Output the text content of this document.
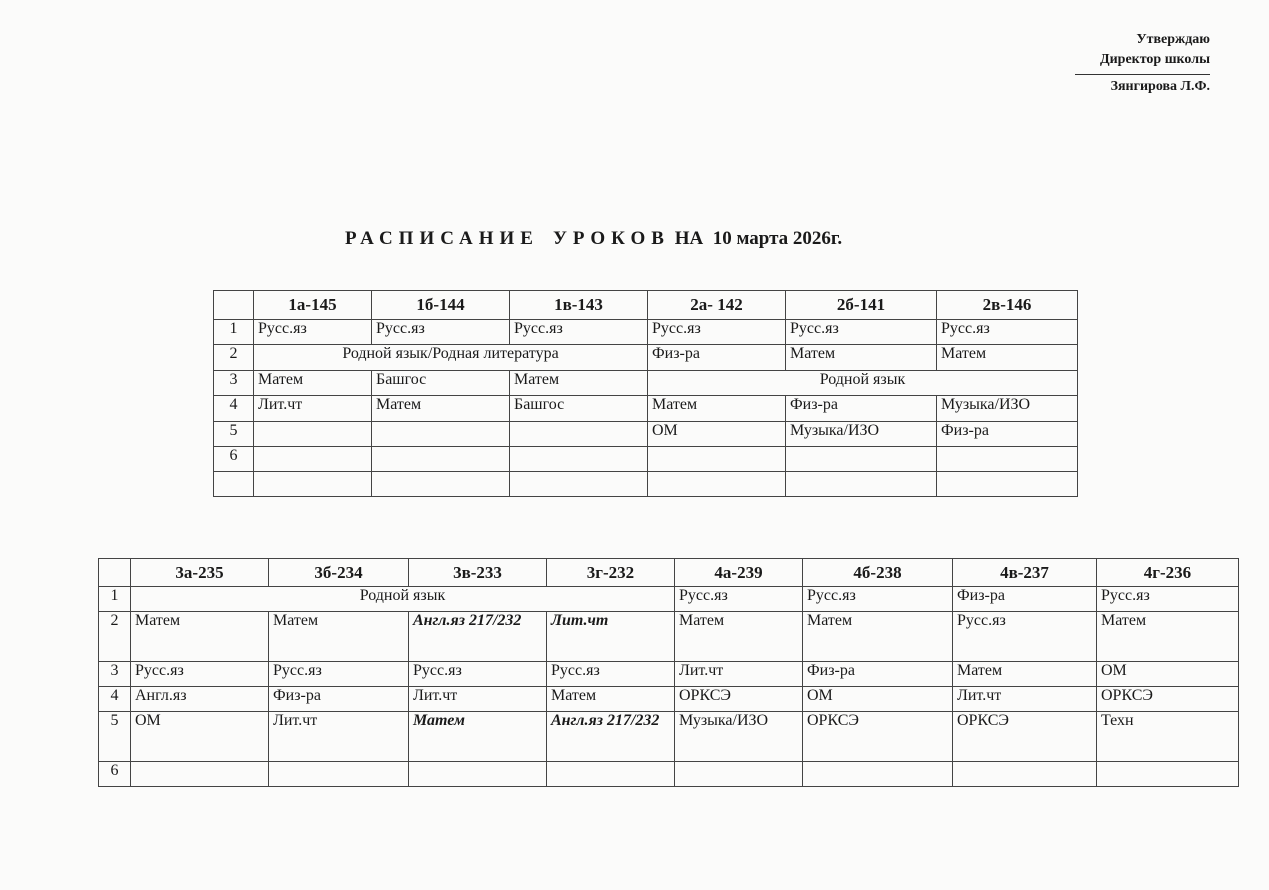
Утверждаю
Директор школы
Зянгирова Л.Ф.
РАСПИСАНИЕ УРОКОВ НА  10 марта 2026г.
	1а-145	1б-144	1в-143	2а- 142	2б-141	2в-146
1	Русс.яз	Русс.яз	Русс.яз	Русс.яз	Русс.яз	Русс.яз
2	Родной язык/Родная литература			Физ-ра	Матем	Матем
3	Матем	Башгос	Матем	Родной язык		
4	Лит.чт	Матем	Башгос	Матем	Физ-ра	Музыка/ИЗО
5				ОМ	Музыка/ИЗО	Физ-ра
6						

	3а-235	3б-234	3в-233	3г-232	4а-239	4б-238	4в-237	4г-236
1	Родной язык				Русс.яз	Русс.яз	Физ-ра	Русс.яз
2	Матем	Матем	Англ.яз 217/232	Лит.чт	Матем	Матем	Русс.яз	Матем
3	Русс.яз	Русс.яз	Русс.яз	Русс.яз	Лит.чт	Физ-ра	Матем	ОМ
4	Англ.яз	Физ-ра	Лит.чт	Матем	ОРКСЭ	ОМ	Лит.чт	ОРКСЭ
5	ОМ	Лит.чт	Матем	Англ.яз 217/232	Музыка/ИЗО	ОРКСЭ	ОРКСЭ	Техн
6								
